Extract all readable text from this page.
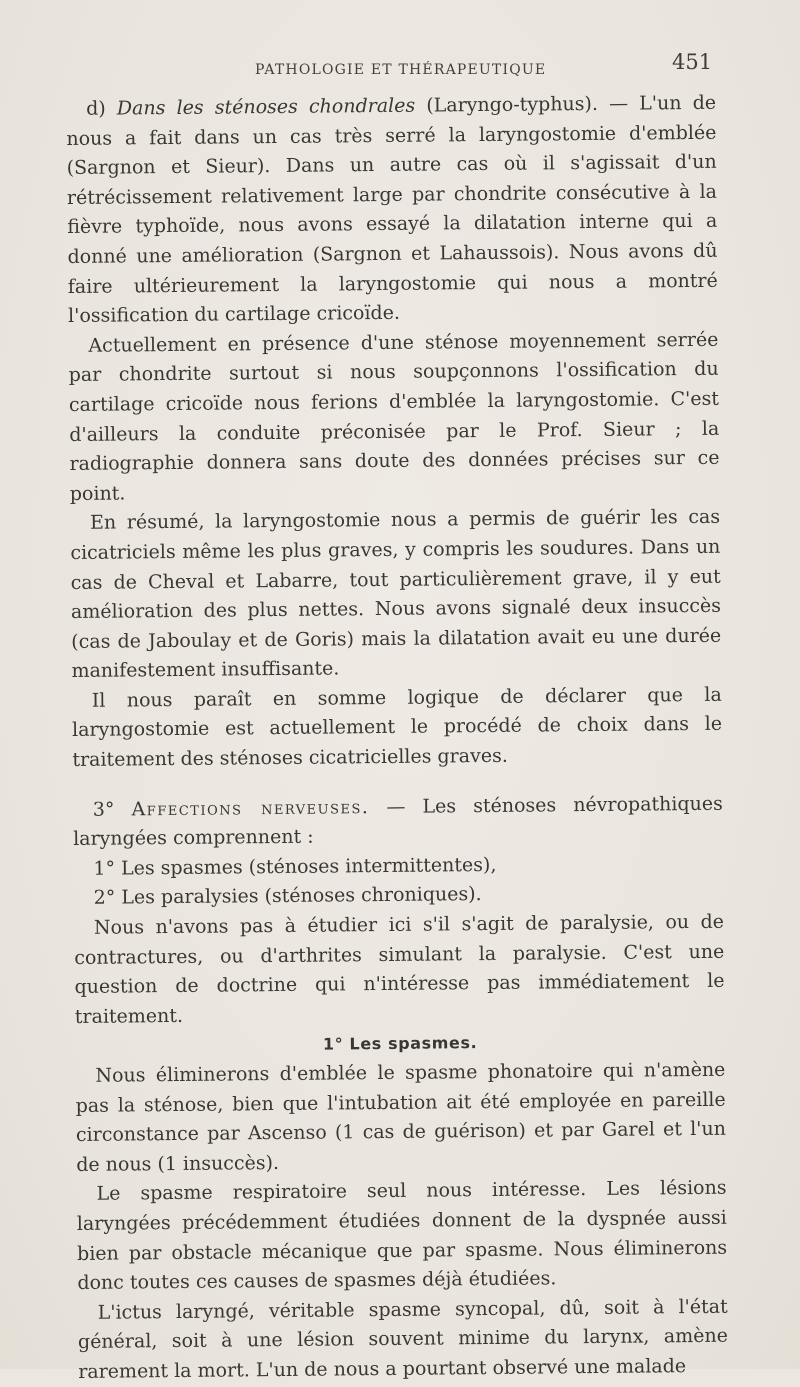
PATHOLOGIE ET THÉRAPEUTIQUE	451

d) Dans les sténoses chondrales (Laryngo-typhus). — L'un de nous a fait dans un cas très serré la laryngostomie d'emblée (Sargnon et Sieur). Dans un autre cas où il s'agissait d'un rétrécissement relativement large par chondrite consécutive à la fièvre typhoïde, nous avons essayé la dilatation interne qui a donné une amélioration (Sargnon et Lahaussois). Nous avons dû faire ultérieurement la laryngostomie qui nous a montré l'ossification du cartilage cricoïde.

Actuellement en présence d'une sténose moyennement serrée par chondrite surtout si nous soupçonnons l'ossification du cartilage cricoïde nous ferions d'emblée la laryngostomie. C'est d'ailleurs la conduite préconisée par le Prof. Sieur ; la radiographie donnera sans doute des données précises sur ce point.

En résumé, la laryngostomie nous a permis de guérir les cas cicatriciels même les plus graves, y compris les soudures. Dans un cas de Cheval et Labarre, tout particulièrement grave, il y eut amélioration des plus nettes. Nous avons signalé deux insuccès (cas de Jaboulay et de Goris) mais la dilatation avait eu une durée manifestement insuffisante.

Il nous paraît en somme logique de déclarer que la laryngostomie est actuellement le procédé de choix dans le traitement des sténoses cicatricielles graves.

3° Affections nerveuses. — Les sténoses névropathiques laryngées comprennent :

1° Les spasmes (sténoses intermittentes),

2° Les paralysies (sténoses chroniques).

Nous n'avons pas à étudier ici s'il s'agit de paralysie, ou de contractures, ou d'arthrites simulant la paralysie. C'est une question de doctrine qui n'intéresse pas immédiatement le traitement.

1° Les spasmes.

Nous éliminerons d'emblée le spasme phonatoire qui n'amène pas la sténose, bien que l'intubation ait été employée en pareille circonstance par Ascenso (1 cas de guérison) et par Garel et l'un de nous (1 insuccès).

Le spasme respiratoire seul nous intéresse. Les lésions laryngées précédemment étudiées donnent de la dyspnée aussi bien par obstacle mécanique que par spasme. Nous éliminerons donc toutes ces causes de spasmes déjà étudiées.

L'ictus laryngé, véritable spasme syncopal, dû, soit à l'état général, soit à une lésion souvent minime du larynx, amène rarement la mort. L'un de nous a pourtant observé une malade
